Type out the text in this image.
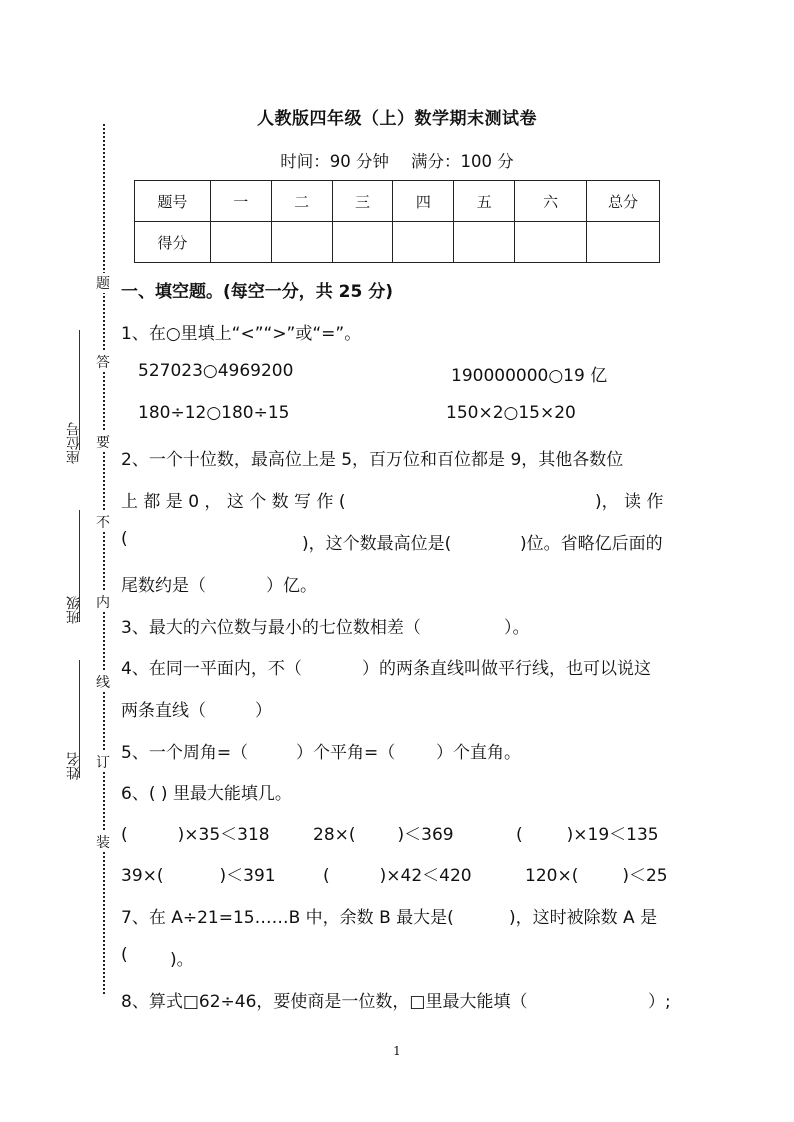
人教版四年级（上）数学期末测试卷
时间：90 分钟 满分：100 分
题号	一	二	三	四	五	六	总分
得分							
题
答
要
不
内
线
订
装
座位号
班级
姓名
一、填空题。(每空一分，共 25 分)
1、在○里填上“<”“>”或“=”。
527023○4969200	190000000○19 亿
180÷12○180÷15	150×2○15×20
2、一个十位数，最高位上是 5，百万位和百位都是 9，其他各数位
上 都 是 0 ， 这 个 数 写 作 (	)， 读 作
(	)，这个数最高位是(	)位。省略亿后面的
尾数约是（	）亿。
3、最大的六位数与最小的七位数相差（	）。
4、在同一平面内，不（	）的两条直线叫做平行线，也可以说这
两条直线（	）
5、一个周角=（	）个平角=（ ）个直角。
6、( ) 里最大能填几。
(	)×35＜318	28×( )＜369	(	)×19＜135
39×(	)＜391	(	)×42＜420	120×(	)＜25
7、在 A÷21=15……B 中，余数 B 最大是(	)，这时被除数 A 是
( )。
8、算式□62÷46，要使商是一位数，□里最大能填（	）;
1
